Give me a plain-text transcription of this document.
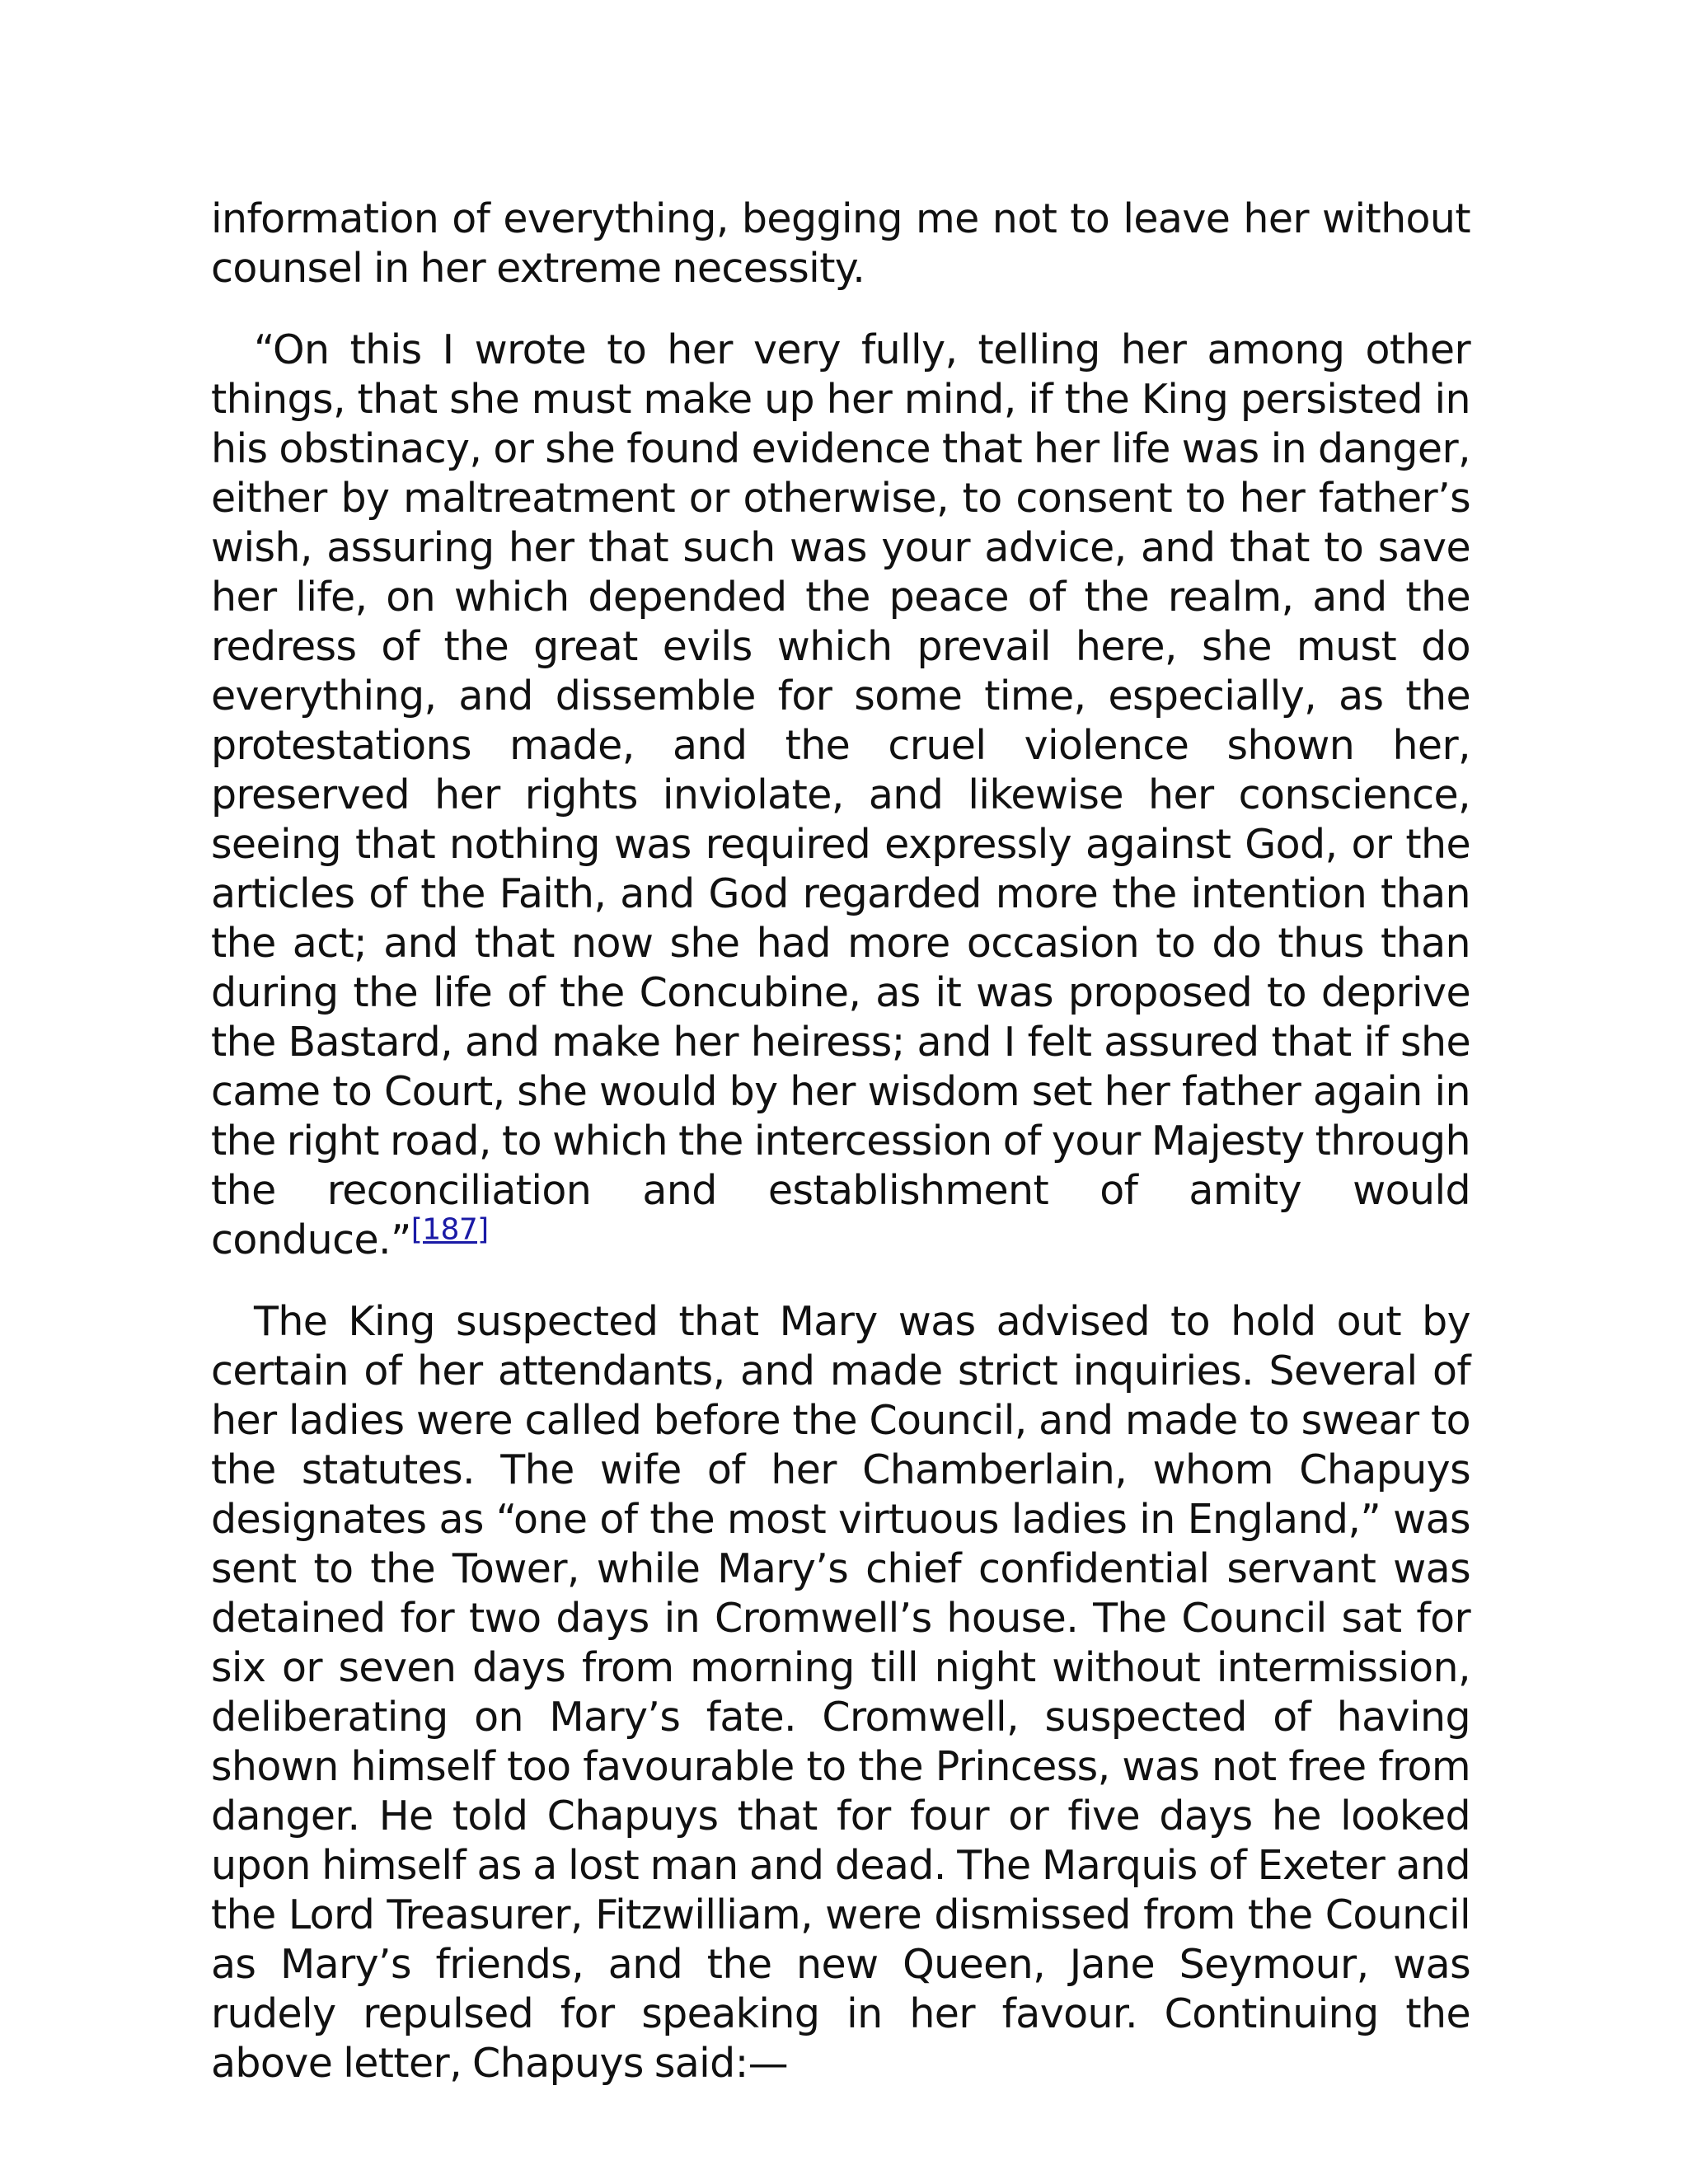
information of everything, begging me not to leave her without counsel in her extreme necessity.

“On this I wrote to her very fully, telling her among other things, that she must make up her mind, if the King persisted in his obstinacy, or she found evidence that her life was in danger, either by maltreatment or otherwise, to consent to her father’s wish, assuring her that such was your advice, and that to save her life, on which depended the peace of the realm, and the redress of the great evils which prevail here, she must do everything, and dissemble for some time, especially, as the protestations made, and the cruel violence shown her, preserved her rights inviolate, and likewise her conscience, seeing that nothing was required expressly against God, or the articles of the Faith, and God regarded more the intention than the act; and that now she had more occasion to do thus than during the life of the Concubine, as it was proposed to deprive the Bastard, and make her heiress; and I felt assured that if she came to Court, she would by her wisdom set her father again in the right road, to which the intercession of your Majesty through the reconciliation and establishment of amity would conduce.”[187]

The King suspected that Mary was advised to hold out by certain of her attendants, and made strict inquiries. Several of her ladies were called before the Council, and made to swear to the statutes. The wife of her Chamberlain, whom Chapuys designates as “one of the most virtuous ladies in England,” was sent to the Tower, while Mary’s chief confidential servant was detained for two days in Cromwell’s house. The Council sat for six or seven days from morning till night without intermission, deliberating on Mary’s fate. Cromwell, suspected of having shown himself too favourable to the Princess, was not free from danger. He told Chapuys that for four or five days he looked upon himself as a lost man and dead. The Marquis of Exeter and the Lord Treasurer, Fitzwilliam, were dismissed from the Council as Mary’s friends, and the new Queen, Jane Seymour, was rudely repulsed for speaking in her favour. Continuing the above letter, Chapuys said:—
